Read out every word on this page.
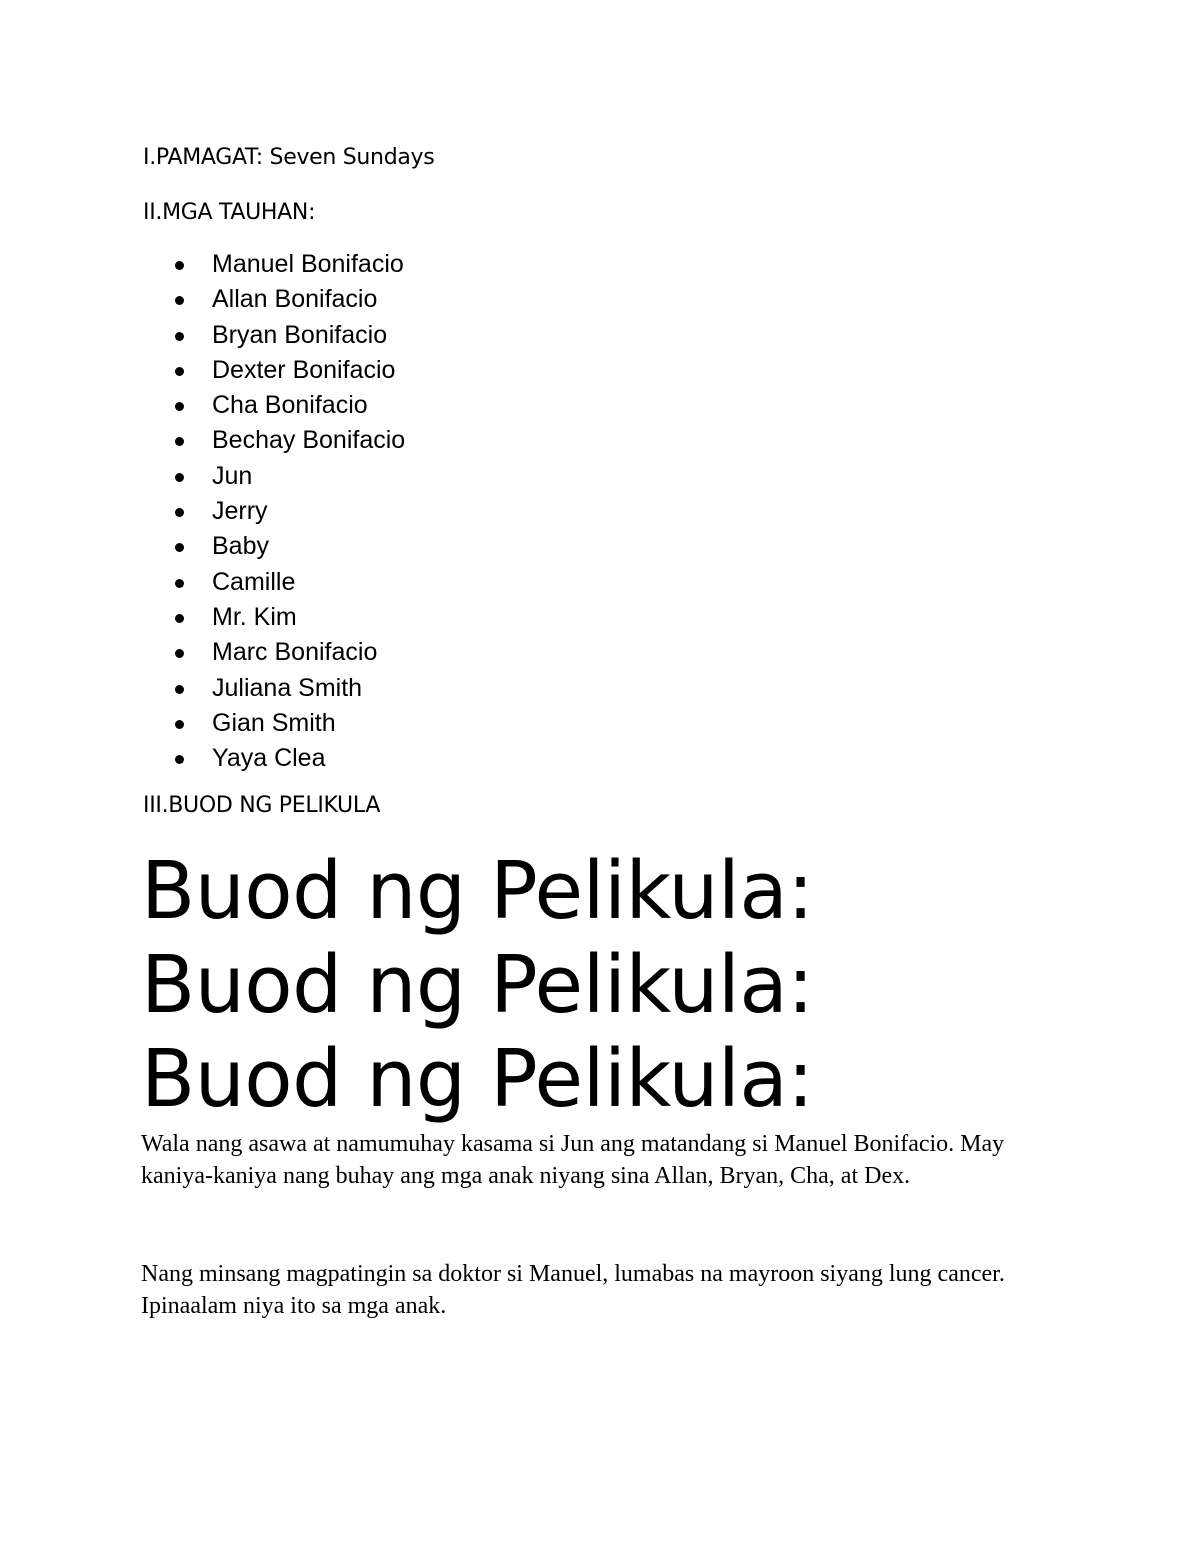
I.PAMAGAT: Seven Sundays
II.MGA TAUHAN:
Manuel Bonifacio
Allan Bonifacio
Bryan Bonifacio
Dexter Bonifacio
Cha Bonifacio
Bechay Bonifacio
Jun
Jerry
Baby
Camille
Mr. Kim
Marc Bonifacio
Juliana Smith
Gian Smith
Yaya Clea
III.BUOD NG PELIKULA
Buod ng Pelikula:
Buod ng Pelikula:
Buod ng Pelikula:

Wala nang asawa at namumuhay kasama si Jun ang matandang si Manuel Bonifacio. May kaniya-kaniya nang buhay ang mga anak niyang sina Allan, Bryan, Cha, at Dex.

Nang minsang magpatingin sa doktor si Manuel, lumabas na mayroon siyang lung cancer. Ipinaalam niya ito sa mga anak.
